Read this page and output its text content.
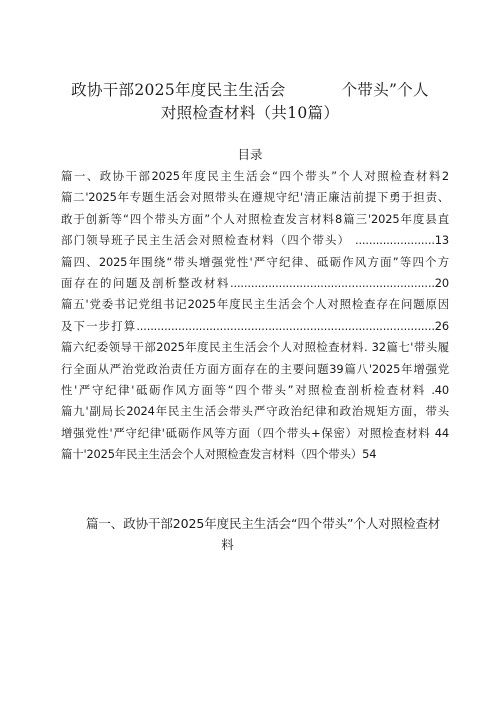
政协干部2025年度民主生活会	个带头”个人
对照检查材料（共10篇）
目录
篇一、政协干部2025年度民主生活会“四个带头”个人对照检查材料2
篇二'2025年专题生活会对照带头在遵规守纪'清正廉洁前提下勇于担责、
敢于创新等“四个带头方面”个人对照检查发言材料8篇三'2025年度县直
部门领导班子民主生活会对照检查材料（四个带头） .......................13
篇四、2025年围绕“带头增强党性'严守纪律、砥砺作风方面”等四个方
面存在的问题及剖析整改材料...........................................................20
篇五'党委书记党组书记2025年度民主生活会个人对照检查存在问题原因
及下一步打算......................................................................................26
篇六纪委领导干部2025年度民主生活会个人对照检查材料. 32篇七'带头履
行全面从严治党政治责任方面方面存在的主要问题39篇八'2025年增强党
性'严守纪律'砥砺作风方面等“四个带头”对照检查剖析检查材料 .40
篇九'副局长2024年民主生活会带头严守政治纪律和政治规矩方面，带头
增强党性'严守纪律'砥砺作风等方面（四个带头+保密）对照检查材料 44
篇十'2025年民主生活会个人对照检查发言材料（四个带头）54
篇一、政协干部2025年度民主生活会“四个带头”个人对照检查材
料
